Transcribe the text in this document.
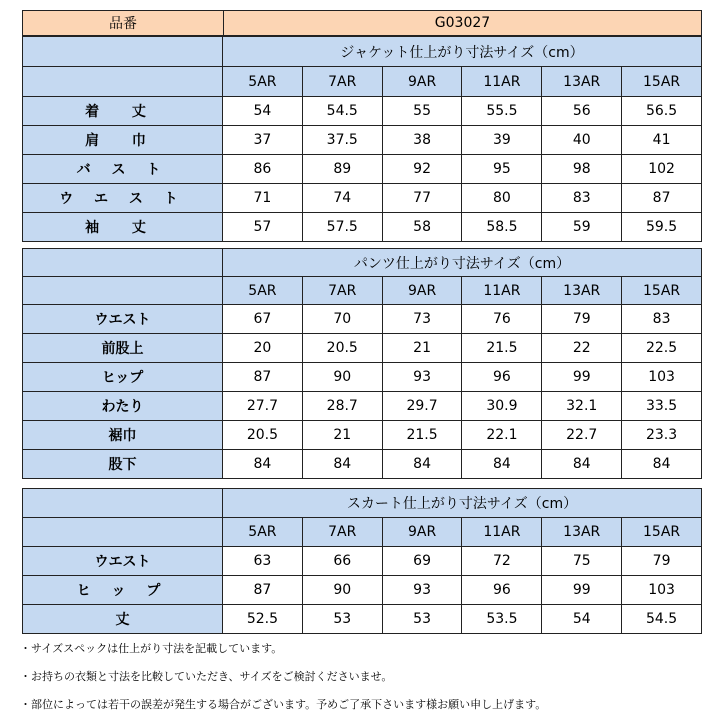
品番	G03027
	ジャケット仕上がり寸法サイズ（cm）					
	5AR	7AR	9AR	11AR	13AR	15AR
着 丈	54	54.5	55	55.5	56	56.5
肩 巾	37	37.5	38	39	40	41
バ ス ト	86	89	92	95	98	102
ウ エ ス ト	71	74	77	80	83	87
袖 丈	57	57.5	58	58.5	59	59.5
	パンツ仕上がり寸法サイズ（cm）					
	5AR	7AR	9AR	11AR	13AR	15AR
ウエスト	67	70	73	76	79	83
前股上	20	20.5	21	21.5	22	22.5
ヒップ	87	90	93	96	99	103
わたり	27.7	28.7	29.7	30.9	32.1	33.5
裾巾	20.5	21	21.5	22.1	22.7	23.3
股下	84	84	84	84	84	84
	スカート仕上がり寸法サイズ（cm）					
	5AR	7AR	9AR	11AR	13AR	15AR
ウエスト	63	66	69	72	75	79
ヒ ッ プ	87	90	93	96	99	103
丈	52.5	53	53	53.5	54	54.5
・サイズスペックは仕上がり寸法を記載しています。
・お持ちの衣類と寸法を比較していただき、サイズをご検討くださいませ。
・部位によっては若干の誤差が発生する場合がございます。予めご了承下さいます様お願い申し上げます。
